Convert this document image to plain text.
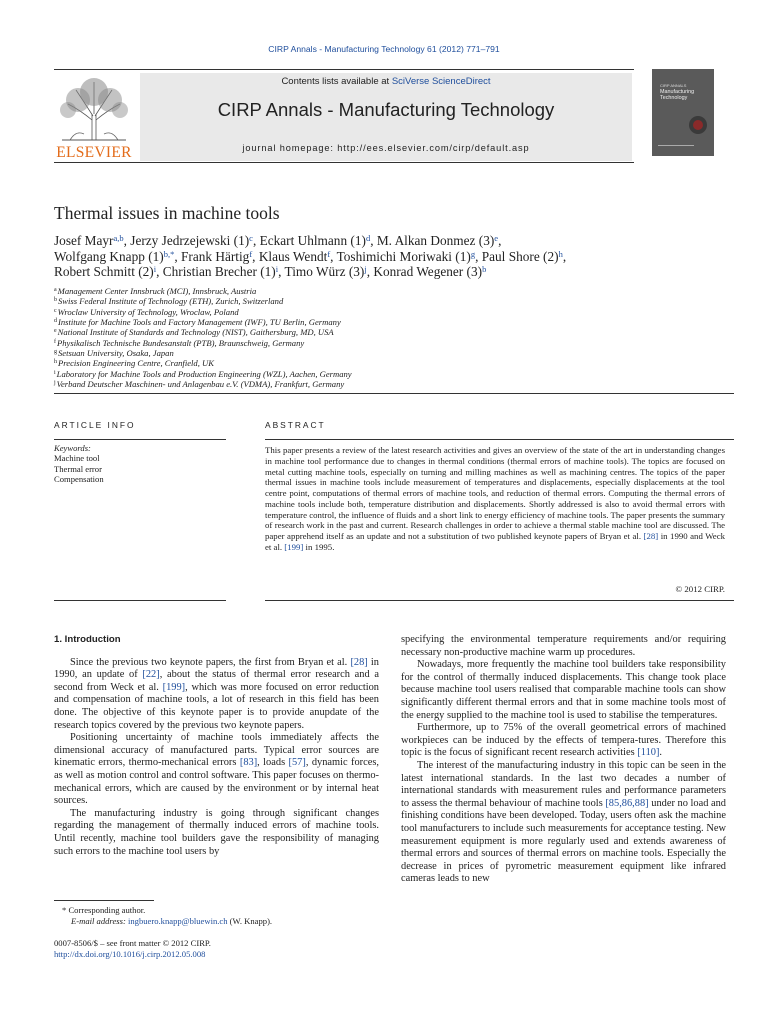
CIRP Annals - Manufacturing Technology 61 (2012) 771–791
Contents lists available at SciVerse ScienceDirect
CIRP Annals - Manufacturing Technology
journal homepage: http://ees.elsevier.com/cirp/default.asp
ELSEVIER
CIRP ANNALS
Manufacturing Technology
Thermal issues in machine tools
Josef Mayr$^{a,b}$, Jerzy Jedrzejewski $(1)^c$, Eckart Uhlmann $(1)^d$, M. Alkan Donmez $(3)^e$,
Wolfgang Knapp $(1)^{b,*}$, Frank Härtig$^f$, Klaus Wendt$^f$, Toshimichi Moriwaki $(1)^g$, Paul Shore $(2)^h$,
Robert Schmitt $(2)^i$, Christian Brecher $(1)^i$, Timo Würz $(3)^j$, Konrad Wegener $(3)^b$
$^a$Management Center Innsbruck (MCI), Innsbruck, Austria
$^b$Swiss Federal Institute of Technology (ETH), Zurich, Switzerland
$^c$Wroclaw University of Technology, Wroclaw, Poland
$^d$Institute for Machine Tools and Factory Management (IWF), TU Berlin, Germany
$^e$National Institute of Standards and Technology (NIST), Gaithersburg, MD, USA
$^f$Physikalisch Technische Bundesanstalt (PTB), Braunschweig, Germany
$^g$Setsuan University, Osaka, Japan
$^h$Precision Engineering Centre, Cranfield, UK
$^i$Laboratory for Machine Tools and Production Engineering (WZL), Aachen, Germany
$^j$Verband Deutscher Maschinen- und Anlagenbau e.V. (VDMA), Frankfurt, Germany
ARTICLE INFO
Keywords:
Machine tool
Thermal error
Compensation
ABSTRACT
This paper presents a review of the latest research activities and gives an overview of the state of the art in understanding changes in machine tool performance due to changes in thermal conditions (thermal errors of machine tools). The topics are focused on metal cutting machine tools, especially on turning and milling machines as well as machining centres. The topics of the paper thermal issues in machine tools include measurement of temperatures and displacements, especially displacements at the tool centre point, computations of thermal errors of machine tools, and reduction of thermal errors. Computing the thermal errors of machine tools include both, temperature distribution and displacements. Shortly addressed is also to avoid thermal errors with temperature control, the influence of fluids and a short link to energy efficiency of machine tools. The paper presents the summary of research work in the past and current. Research challenges in order to achieve a thermal stable machine tool are discussed. The paper apprehend itself as an update and not a substitution of two published keynote papers of Bryan et al. [28] in 1990 and Weck et al. [199] in 1995.
© 2012 CIRP.
1. Introduction

Since the previous two keynote papers, the first from Bryan et al. [28] in 1990, an update of [22], about the status of thermal error research and a second from Weck et al. [199], which was more focused on error reduction and compensation of machine tools, a lot of research in this field has been done. The objective of this keynote paper is to provide anupdate of the research topics covered by the previous two keynote papers.

Positioning uncertainty of machine tools immediately affects the dimensional accuracy of manufactured parts. Typical error sources are kinematic errors, thermo-mechanical errors [83], loads [57], dynamic forces, as well as motion control and control software. This paper focuses on thermo-mechanical errors, which are caused by the environment or by internal heat sources.

The manufacturing industry is going through significant changes regarding the management of thermally induced errors of machine tools. Until recently, machine tool builders gave the responsibility of managing such errors to the machine tool users by

specifying the environmental temperature requirements and/or requiring necessary non-productive machine warm up procedures.

Nowadays, more frequently the machine tool builders take responsibility for the control of thermally induced displacements. This change took place because machine tool users realised that comparable machine tools can show significantly different thermal errors and that in some machine tools most of the energy supplied to the machine tool is used to stabilise the temperatures.

Furthermore, up to 75% of the overall geometrical errors of machined workpieces can be induced by the effects of tempera-tures. Therefore this topic is the focus of significant recent research activities [110].

The interest of the manufacturing industry in this topic can be seen in the latest international standards. In the last two decades a number of international standards with measurement rules and performance parameters to assess the thermal behaviour of machine tools [85,86,88] under no load and finishing conditions have been developed. Today, users often ask the machine tool manufacturers to include such measurements for acceptance testing. New measurement equipment is more regularly used and extends awareness of thermal errors and sources of thermal errors on machine tools. Especially the decrease in prices of pyrometric measurement equipment like infrared cameras leads to new

* Corresponding author.
E-mail address: ingbuero.knapp@bluewin.ch (W. Knapp).
0007-8506/$ – see front matter © 2012 CIRP.
http://dx.doi.org/10.1016/j.cirp.2012.05.008
